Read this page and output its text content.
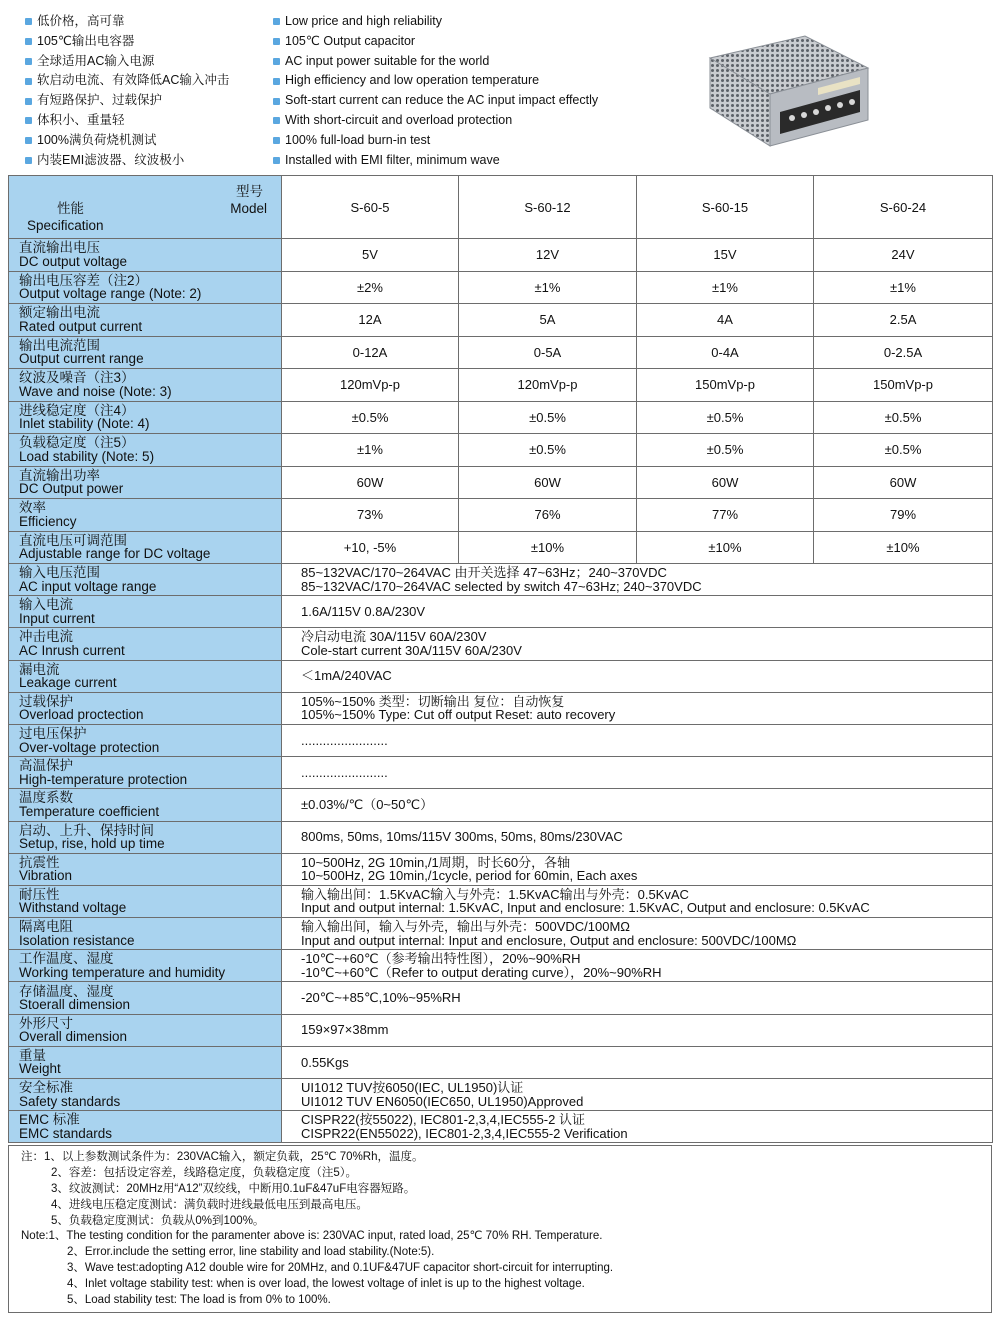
低价格，高可靠
105℃输出电容器
全球适用AC输入电源
软启动电流、有效降低AC输入冲击
有短路保护、过载保护
体积小、重量轻
100%满负荷烧机测试
内装EMI滤波器、纹波极小
Low price and high reliability
105℃ Output capacitor
AC input power suitable for the world
High efficiency and low operation temperature
Soft-start current can reduce the AC input impact effectly
With short-circuit and overload protection
100% full-load burn-in test
Installed with EMI filter, minimum wave
型号
Model
性能
Specification	S-60-5	S-60-12	S-60-15	S-60-24

直流输出电压
DC output voltage	5V	12V	15V	24V

输出电压容差（注2）
Output voltage range (Note: 2)	±2%	±1%	±1%	±1%

额定输出电流
Rated output current	12A	5A	4A	2.5A

输出电流范围
Output current range	0-12A	0-5A	0-4A	0-2.5A

纹波及噪音（注3）
Wave and noise (Note: 3)	120mVp-p	120mVp-p	150mVp-p	150mVp-p

进线稳定度（注4）
Inlet stability (Note: 4)	±0.5%	±0.5%	±0.5%	±0.5%

负载稳定度（注5）
Load stability (Note: 5)	±1%	±0.5%	±0.5%	±0.5%

直流输出功率
DC Output power	60W	60W	60W	60W

效率
Efficiency	73%	76%	77%	79%

直流电压可调范围
Adjustable range for DC voltage	+10, -5%	±10%	±10%	±10%

输入电压范围
AC input voltage range	85~132VAC/170~264VAC 由开关选择 47~63Hz；240~370VDC
85~132VAC/170~264VAC selected by switch 47~63Hz; 240~370VDC			

输入电流
Input current	1.6A/115V 0.8A/230V			

冲击电流
AC Inrush current	冷启动电流 30A/115V 60A/230V
Cole-start current 30A/115V 60A/230V			

漏电流
Leakage current	＜1mA/240VAC			

过载保护
Overload proctection	105%~150% 类型：切断输出 复位：自动恢复
105%~150% Type: Cut off output Reset: auto recovery			

过电压保护
Over-voltage protection	........................			

高温保护
High-temperature protection	........................			

温度系数
Temperature coefficient	±0.03%/℃（0~50℃）			

启动、上升、保持时间
Setup, rise, hold up time	800ms, 50ms, 10ms/115V 300ms, 50ms, 80ms/230VAC			

抗震性
Vibration	10~500Hz, 2G 10min,/1周期，时长60分，各轴
10~500Hz, 2G 10min,/1cycle, period for 60min, Each axes			

耐压性
Withstand voltage	输入输出间：1.5KvAC输入与外壳：1.5KvAC输出与外壳：0.5KvAC
Input and output internal: 1.5KvAC, Input and enclosure: 1.5KvAC, Output and enclosure: 0.5KvAC			

隔离电阻
Isolation resistance	输入输出间，输入与外壳，输出与外壳：500VDC/100MΩ
Input and output internal: Input and enclosure, Output and enclosure: 500VDC/100MΩ			

工作温度、湿度
Working temperature and humidity	-10℃~+60℃（参考输出特性图），20%~90%RH
-10℃~+60℃（Refer to output derating curve），20%~90%RH			

存储温度、湿度
Stoerall dimension	-20℃~+85℃,10%~95%RH			

外形尺寸
Overall dimension	159×97×38mm			

重量
Weight	0.55Kgs			

安全标准
Safety standards	UI1012 TUV按6050(IEC, UL1950)认证
UI1012 TUV EN6050(IEC650, UL1950)Approved			

EMC 标准
EMC standards	CISPR22(按55022), IEC801-2,3,4,IEC555-2 认证
CISPR22(EN55022), IEC801-2,3,4,IEC555-2 Verification			
注：1、以上参数测试条件为：230VAC输入，额定负载，25℃ 70%Rh，温度。
2、容差：包括设定容差，线路稳定度，负载稳定度（注5）。
3、纹波测试：20MHz用“A12”双绞线，中断用0.1uF&47uF电容器短路。
4、进线电压稳定度测试：满负载时进线最低电压到最高电压。
5、负载稳定度测试：负载从0%到100%。
Note:1、The testing condition for the paramenter above is: 230VAC input, rated load, 25℃ 70% RH. Temperature.
2、Error.include the setting error, line stability and load stability.(Note:5).
3、Wave test:adopting A12 double wire for 20MHz, and 0.1UF&47UF capacitor short-circuit for interrupting.
4、Inlet voltage stability test: when is over load, the lowest voltage of inlet is up to the highest voltage.
5、Load stability test: The load is from 0% to 100%.
